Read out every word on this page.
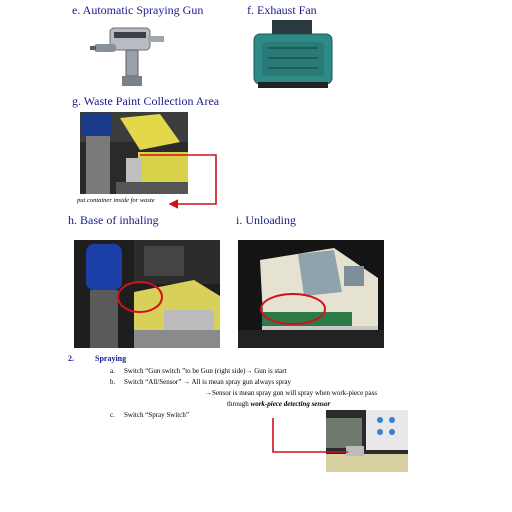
e. Automatic Spraying Gun	f. Exhaust Fan
g. Waste Paint Collection Area
h. Base of inhaling	i. Unloading
put container inside for waste
2.	Spraying
a. Switch “Gun switch ”to be Gun (right side)→ Gun is start
b. Switch “All/Sensor” → All is mean spray gun always spray
→Sensor is mean spray gun will spray when work-piece pass
through work-piece detecting sensor
c. Switch “Spray Switch”
